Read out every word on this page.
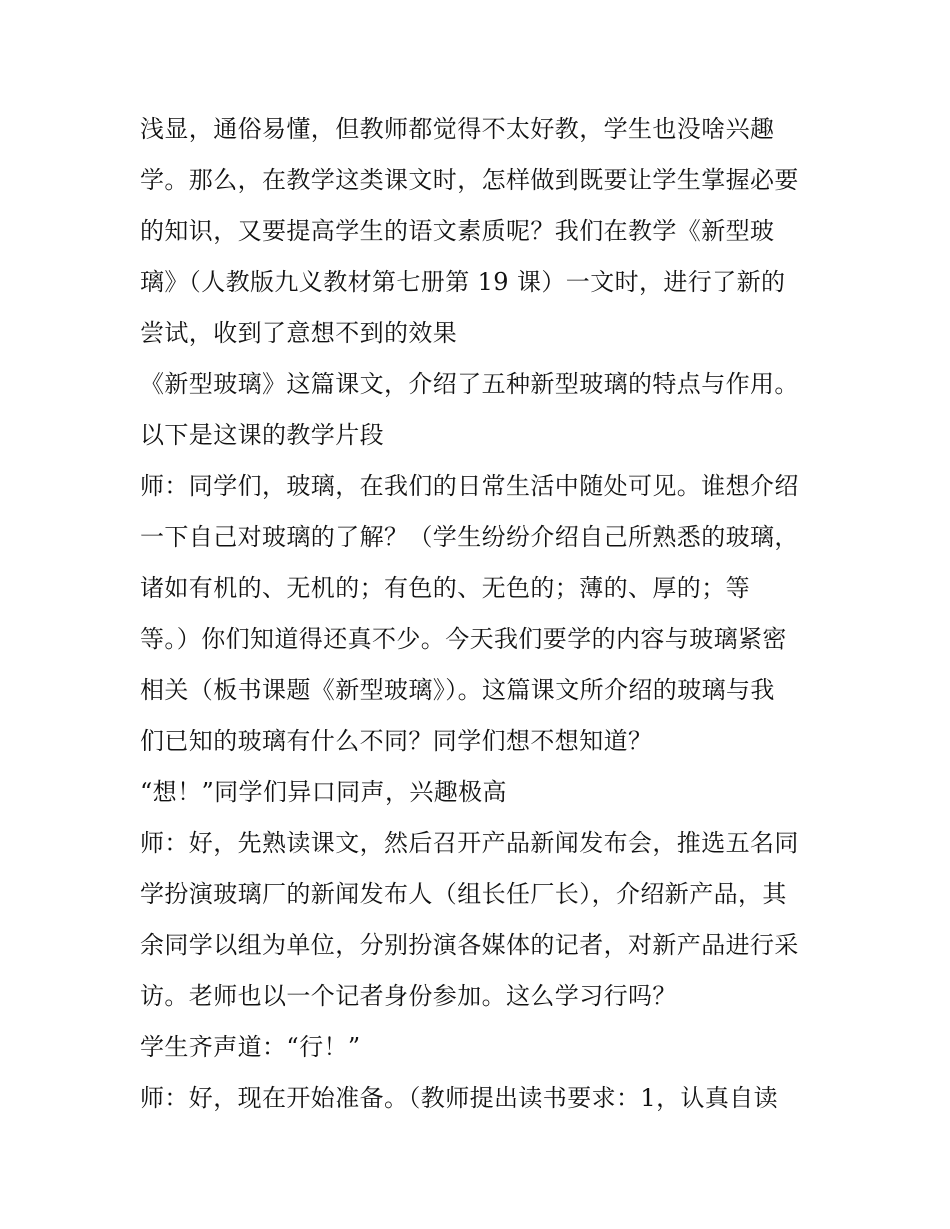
浅显，通俗易懂，但教师都觉得不太好教，学生也没啥兴趣
学。那么，在教学这类课文时，怎样做到既要让学生掌握必要
的知识，又要提高学生的语文素质呢？我们在教学《新型玻
璃》（人教版九义教材第七册第 19 课）一文时，进行了新的
尝试，收到了意想不到的效果
《新型玻璃》这篇课文，介绍了五种新型玻璃的特点与作用。
以下是这课的教学片段
师：同学们，玻璃，在我们的日常生活中随处可见。谁想介绍
一下自己对玻璃的了解？（学生纷纷介绍自己所熟悉的玻璃，
诸如有机的、无机的；有色的、无色的；薄的、厚的；等
等。）你们知道得还真不少。今天我们要学的内容与玻璃紧密
相关（板书课题《新型玻璃》）。这篇课文所介绍的玻璃与我
们已知的玻璃有什么不同？同学们想不想知道？
“想！”同学们异口同声，兴趣极高
师：好，先熟读课文，然后召开产品新闻发布会，推选五名同
学扮演玻璃厂的新闻发布人（组长任厂长），介绍新产品，其
余同学以组为单位，分别扮演各媒体的记者，对新产品进行采
访。老师也以一个记者身份参加。这么学习行吗？
学生齐声道：“行！”
师：好，现在开始准备。（教师提出读书要求：1，认真自读
